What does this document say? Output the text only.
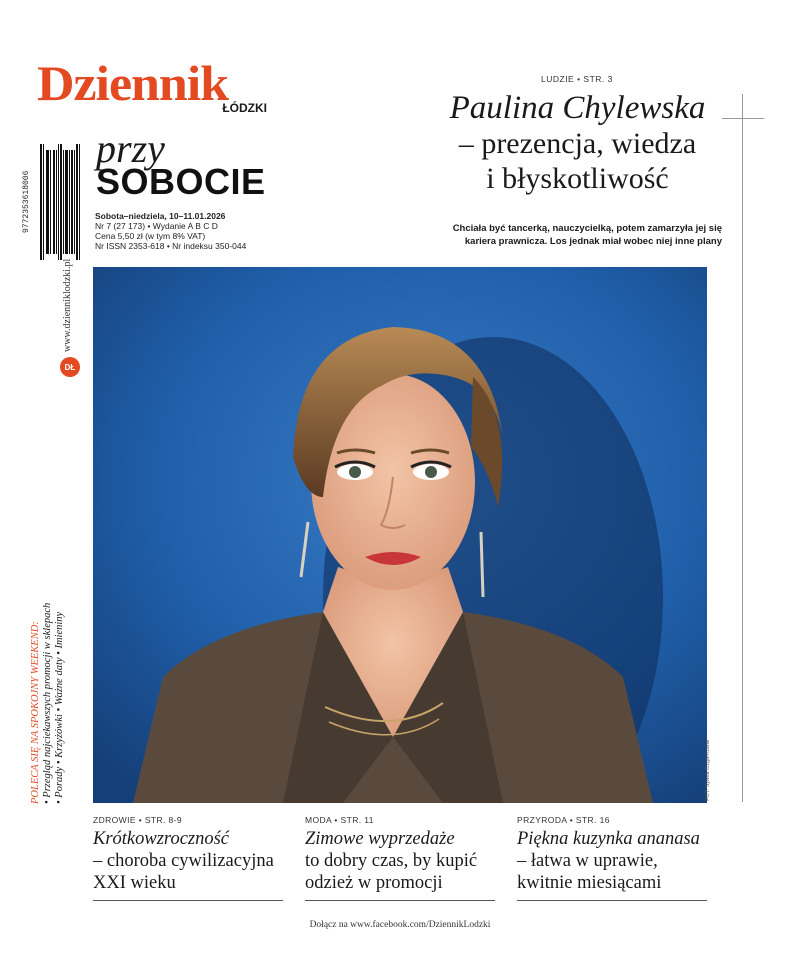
Dziennik
ŁÓDZKI
przy
SOBOCIE
Sobota–niedziela, 10–11.01.2026
Nr 7 (27 173) • Wydanie A B C D
Cena 5,50 zł (w tym 8% VAT)
Nr ISSN 2353-618 • Nr indeksu 350-044
9772353618006
www.dzienniklodzki.pl
DŁ
POLECA SIĘ NA SPOKOJNY WEEKEND: • Przegląd najciekawszych promocji w sklepach • Porady • Krzyżówki • Ważne daty • Imieniny
LUDZIE • STR. 3
Paulina Chylewska
– prezencja, wiedza
i błyskotliwość
Chciała być tancerką, nauczycielką, potem zamarzyła jej się
kariera prawnicza. Los jednak miał wobec niej inne plany
FOT. Sylwia Ozga-Kowal
ZDROWIE • STR. 8-9
Krótkowzroczność
– choroba cywilizacyjna
XXI wieku
MODA • STR. 11
Zimowe wyprzedaże
to dobry czas, by kupić
odzież w promocji
PRZYRODA • STR. 16
Piękna kuzynka ananasa
– łatwa w uprawie,
kwitnie miesiącami
Dołącz na www.facebook.com/DziennikLodzki
